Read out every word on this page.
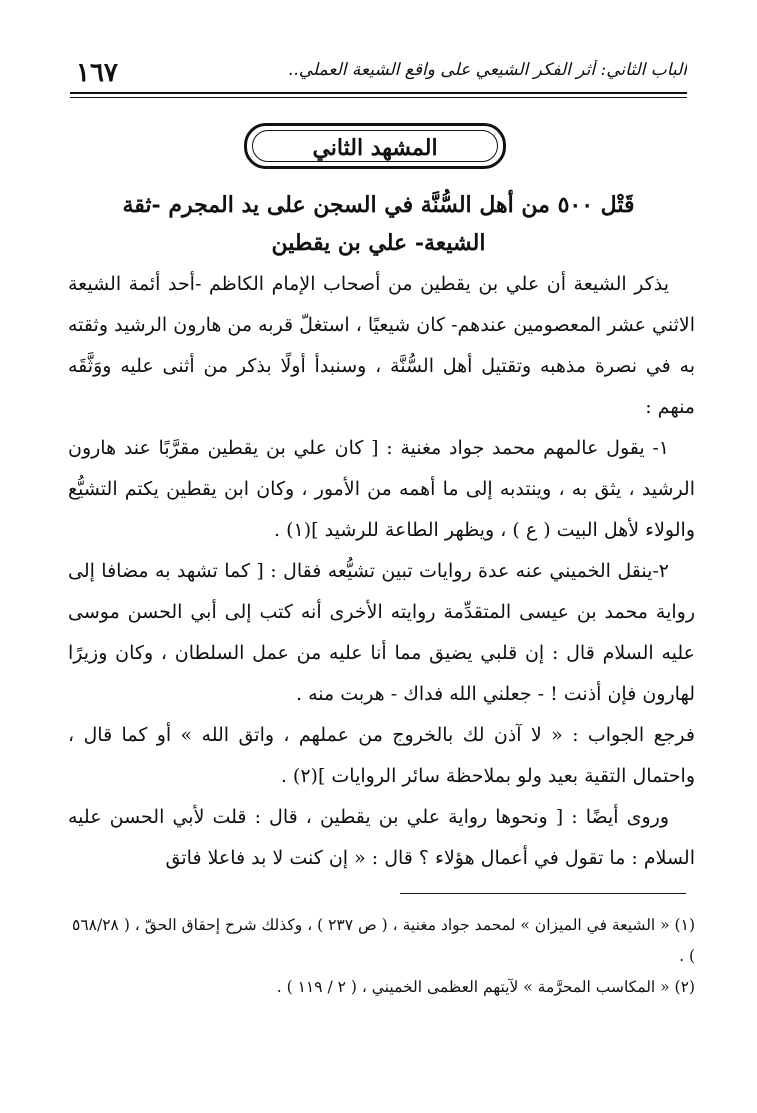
١٦٧	الباب الثاني: أثر الفكر الشيعي على واقع الشيعة العملي..
المشهد الثاني
قَتْل ٥٠٠ من أهل السُّنَّة في السجن على يد المجرم -ثقة الشيعة- علي بن يقطين

يذكر الشيعة أن علي بن يقطين من أصحاب الإمام الكاظم -أحد أئمة الشيعة الاثني عشر المعصومين عندهم- كان شيعيًا ، استغلّ قربه من هارون الرشيد وثقته به في نصرة مذهبه وتقتيل أهل السُّنَّة ، وسنبدأ أولًا بذكر من أثنى عليه ووَثَّقَه منهم :

١- يقول عالمهم محمد جواد مغنية : [ كان علي بن يقطين مقرَّبًا عند هارون الرشيد ، يثق به ، وينتدبه إلى ما أهمه من الأمور ، وكان ابن يقطين يكتم التشيُّع والولاء لأهل البيت ( ع ) ، ويظهر الطاعة للرشيد ](١) .

٢-ينقل الخميني عنه عدة روايات تبين تشيُّعه فقال : [ كما تشهد به مضافا إلى رواية محمد بن عيسى المتقدِّمة روايته الأخرى أنه كتب إلى أبي الحسن موسى عليه السلام قال : إن قلبي يضيق مما أنا عليه من عمل السلطان ، وكان وزيرًا لهارون فإن أذنت ! - جعلني الله فداك - هربت منه .

فرجع الجواب : « لا آذن لك بالخروج من عملهم ، واتق الله » أو كما قال ، واحتمال التقية بعيد ولو بملاحظة سائر الروايات ](٢) .

وروى أيضًا : [ ونحوها رواية علي بن يقطين ، قال : قلت لأبي الحسن عليه السلام : ما تقول في أعمال هؤلاء ؟ قال : « إن كنت لا بد فاعلا فاتق

(١) « الشيعة في الميزان » لمحمد جواد مغنية ، ( ص ٢٣٧ ) ، وكذلك شرح إحقاق الحقّ ، ( ٥٦٨/٢٨ ) .

(٢) « المكاسب المحرَّمة » لآيتهم العظمى الخميني ، ( ٢ / ١١٩ ) .
